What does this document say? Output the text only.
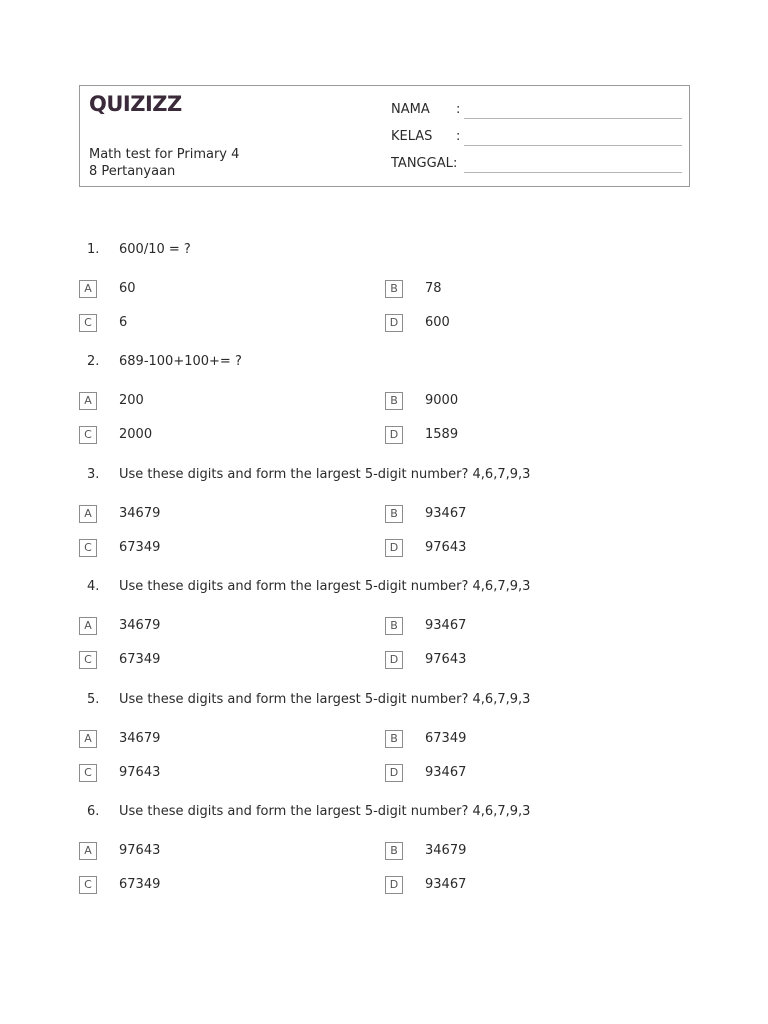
QUIZIZZ
Math test for Primary 4
8 Pertanyaan
NAMA :
KELAS :
TANGGAL :
1. 600/10 = ?
A	60	B	78
C	6	D	600
2. 689-100+100+= ?
A	200	B	9000
C	2000	D	1589
3. Use these digits and form the largest 5-digit number? 4,6,7,9,3
A	34679	B	93467
C	67349	D	97643
4. Use these digits and form the largest 5-digit number? 4,6,7,9,3
A	34679	B	93467
C	67349	D	97643
5. Use these digits and form the largest 5-digit number? 4,6,7,9,3
A	34679	B	67349
C	97643	D	93467
6. Use these digits and form the largest 5-digit number? 4,6,7,9,3
A	97643	B	34679
C	67349	D	93467
